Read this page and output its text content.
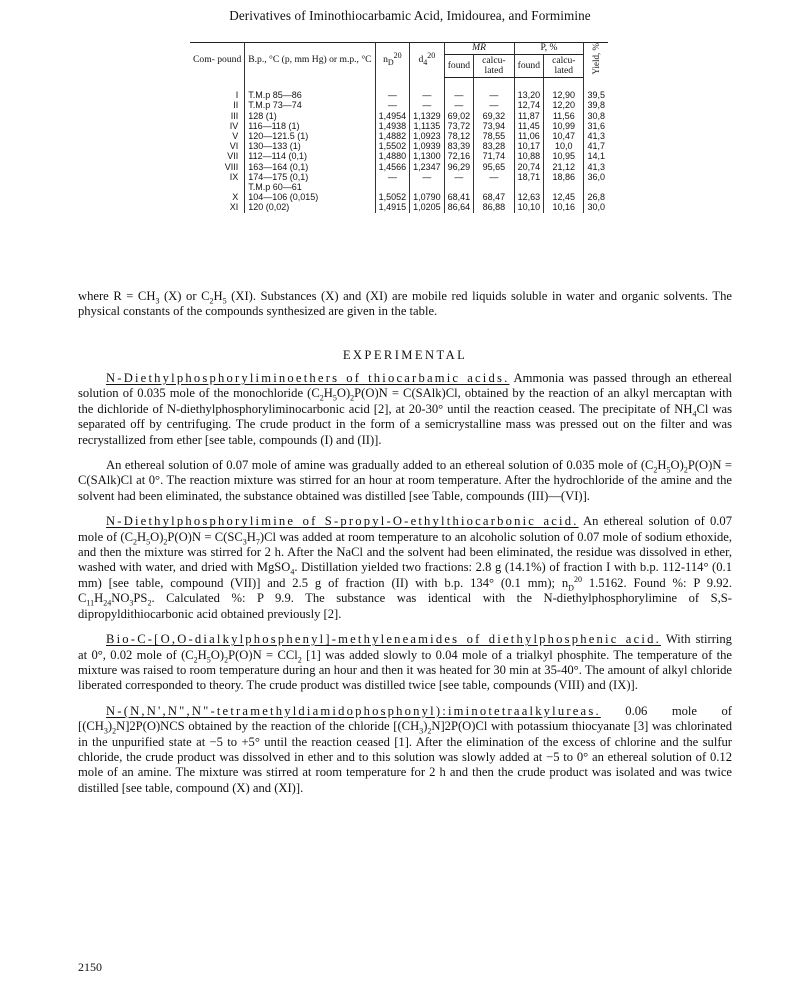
Derivatives of Iminothiocarbamic Acid, Imidourea, and Formimine
Com- pound	B.p., °C (p, mm Hg) or m.p., °C	$n_D^{20}$	$d_4^{20}$	MR		P, %		Yield, %
				found	calcu- lated	found	calcu- lated	
I	T.M.p 85—86	—	—	—	—	13,20	12,90	39,5
II	T.M.p 73—74	—	—	—	—	12,74	12,20	39,8
III	128 (1)	1,4954	1,1329	69,02	69,32	11,87	11,56	30,8
IV	116—118 (1)	1,4938	1,1135	73,72	73,94	11,45	10,99	31,6
V	120—121.5 (1)	1,4882	1,0923	78,12	78,55	11,06	10,47	41,3
VI	130—133 (1)	1,5502	1,0939	83,39	83,28	10,17	10,0	41,7
VII	112—114 (0,1)	1,4880	1,1300	72,16	71,74	10,88	10,95	14,1
VIII	163—164 (0,1)	1,4566	1,2347	96,29	95,65	20,74	21,12	41,3
IX	174—175 (0,1)	—	—	—	—	18,71	18,86	36,0
	T.M.p 60—61							
X	104—106 (0,015)	1,5052	1,0790	68,41	68,47	12,63	12,45	26,8
XI	120 (0,02)	1,4915	1,0205	86,64	86,88	10,10	10,16	30,0

where $R = CH_3$ (X) or $C_2H_5$ (XI). Substances (X) and (XI) are mobile red liquids soluble in water and organic solvents. The physical constants of the compounds synthesized are given in the table.

EXPERIMENTAL

N-Diethylphosphoryliminoethers of thiocarbamic acids. Ammonia was passed through an ethereal solution of 0.035 mole of the monochloride $(C_2H_5O)_2P(O)N$ = C(SAlk)Cl, obtained by the reaction of an alkyl mercaptan with the dichloride of N-diethylphosphoryliminocarbonic acid [2], at 20-30° until the reaction ceased. The precipitate of $NH_4Cl$ was separated off by centrifuging. The crude product in the form of a semicrystalline mass was pressed out on the filter and was recrystallized from ether [see table, compounds (I) and (II)].

An ethereal solution of 0.07 mole of amine was gradually added to an ethereal solution of 0.035 mole of $(C_2H_5O)_2P(O)N$ = C(SAlk)Cl at 0°. The reaction mixture was stirred for an hour at room temperature. After the hydrochloride of the amine and the solvent had been eliminated, the substance obtained was distilled [see Table, compounds (III)—(VI)].

N-Diethylphosphorylimine of S-propyl-O-ethylthiocarbonic acid. An ethereal solution of 0.07 mole of $(C_2H_5O)_2P(O)N = C(SC_3H_7)Cl$ was added at room temperature to an alcoholic solution of 0.07 mole of sodium ethoxide, and then the mixture was stirred for 2 h. After the NaCl and the solvent had been eliminated, the residue was dissolved in ether, washed with water, and dried with MgSO$_4$. Distillation yielded two fractions: 2.8 g (14.1%) of fraction I with b.p. 112-114° (0.1 mm) [see table, compound (VII)] and 2.5 g of fraction (II) with b.p. 134° (0.1 mm); $n_D^{20}$ 1.5162. Found %: P 9.92. $C_{11}H_{24}NO_3PS_2$. Calculated %: P 9.9. The substance was identical with the N-diethylphosphorylimine of S,S-dipropyldithiocarbonic acid obtained previously [2].

Bio-C-[O,O-dialkylphosphenyl]-methyleneamides of diethylphosphenic acid. With stirring at 0°, 0.02 mole of $(C_2H_5O)_2P(O)N = CCl_2$ [1] was added slowly to 0.04 mole of a trialkyl phosphite. The temperature of the mixture was raised to room temperature during an hour and then it was heated for 30 min at 35-40°. The amount of alkyl chloride liberated corresponded to theory. The crude product was distilled twice [see table, compounds (VIII) and (IX)].

N-(N,N',N",N"-tetramethyldiamidophosphonyl):iminotetraalkylureas. 0.06 mole of $[(CH_3)_2N]2P(O)NCS$ obtained by the reaction of the chloride $[(CH_3)_2N]2P(O)Cl$ with potassium thiocyanate [3] was chlorinated in the unpurified state at −5 to +5° until the reaction ceased [1]. After the elimination of the excess of chlorine and the sulfur chloride, the crude product was dissolved in ether and to this solution was slowly added at −5 to 0° an ethereal solution of 0.12 mole of an amine. The mixture was stirred at room temperature for 2 h and then the crude product was isolated and was twice distilled [see table, compound (X) and (XI)].

2150
